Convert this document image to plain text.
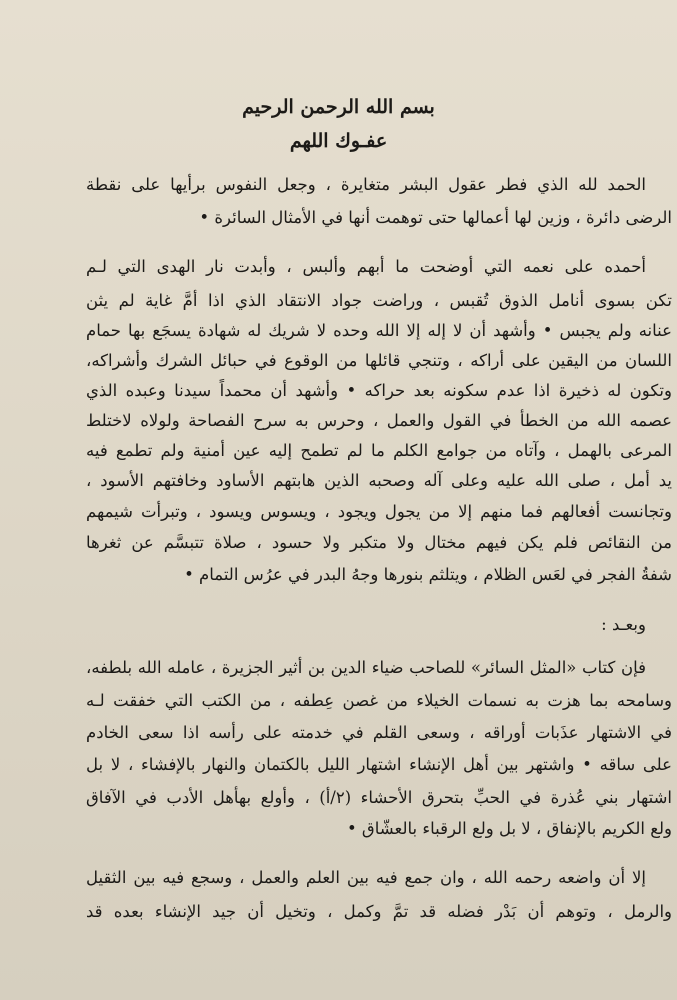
بسم الله الرحمن الرحيم
عفـوك اللهم
الحمد لله الذي فطر عقول البشر متغايرة ، وجعل النفوس برأيها على نقطة
الرضى دائرة ، وزين لها أعمالها حتى توهمت أنها في الأمثال السائرة •
أحمده على نعمه التي أوضحت ما أبهم وألبس ، وأبدت نار الهدى التي لـم
تكن بسوى أنامل الذوق تُقبس ، وراضت جواد الانتقاد الذي اذا أمَّ غاية لم يثن
عنانه ولم يجبس • وأشهد أن لا إله إلا الله وحده لا شريك له شهادة يسجَع بها حمام
اللسان من اليقين على أراكه ، وتنجي قائلها من الوقوع في حبائل الشرك وأشراكه،
وتكون له ذخيرة اذا عدم سكونه بعد حراكه • وأشهد أن محمداً سيدنا وعبده الذي
عصمه الله من الخطأ في القول والعمل ، وحرس به سرح الفصاحة ولولاه لاختلط
المرعى بالهمل ، وآتاه من جوامع الكلم ما لم تطمح إليه عين أمنية ولم تطمع فيه
يد أمل ، صلى الله عليه وعلى آله وصحبه الذين هابتهم الأساود وخافتهم الأسود ،
وتجانست أفعالهم فما منهم إلا من يجول ويجود ، ويسوس ويسود ، وتبرأت شيمهم
من النقائص فلم يكن فيهم مختال ولا متكبر ولا حسود ، صلاة تتبسَّم عن ثغرها
شفةُ الفجر في لعَس الظلام ، ويتلثم بنورها وجهُ البدر في عرُس التمام •
وبعـد :
فإن كتاب «المثل السائر» للصاحب ضياء الدين بن أثير الجزيرة ، عامله الله بلطفه،
وسامحه بما هزت به نسمات الخيلاء من غصن عِطفه ، من الكتب التي خفقت لـه
في الاشتهار عذَبات أوراقه ، وسعى القلم في خدمته على رأسه اذا سعى الخادم
على ساقه • واشتهر بين أهل الإنشاء اشتهار الليل بالكتمان والنهار بالإفشاء ، لا بل
اشتهار بني عُذرة في الحبِّ بتحرق الأحشاء (٢/أ) ، وأولع بهأهل الأدب في الآفاق
ولع الكريم بالإنفاق ، لا بل ولع الرقباء بالعشّاق •
إلا أن واضعه رحمه الله ، وان جمع فيه بين العلم والعمل ، وسجع فيه بين الثقيل
والرمل ، وتوهم أن بَدْر فضله قد تمَّ وكمل ، وتخيل أن جيد الإنشاء بعده قد
